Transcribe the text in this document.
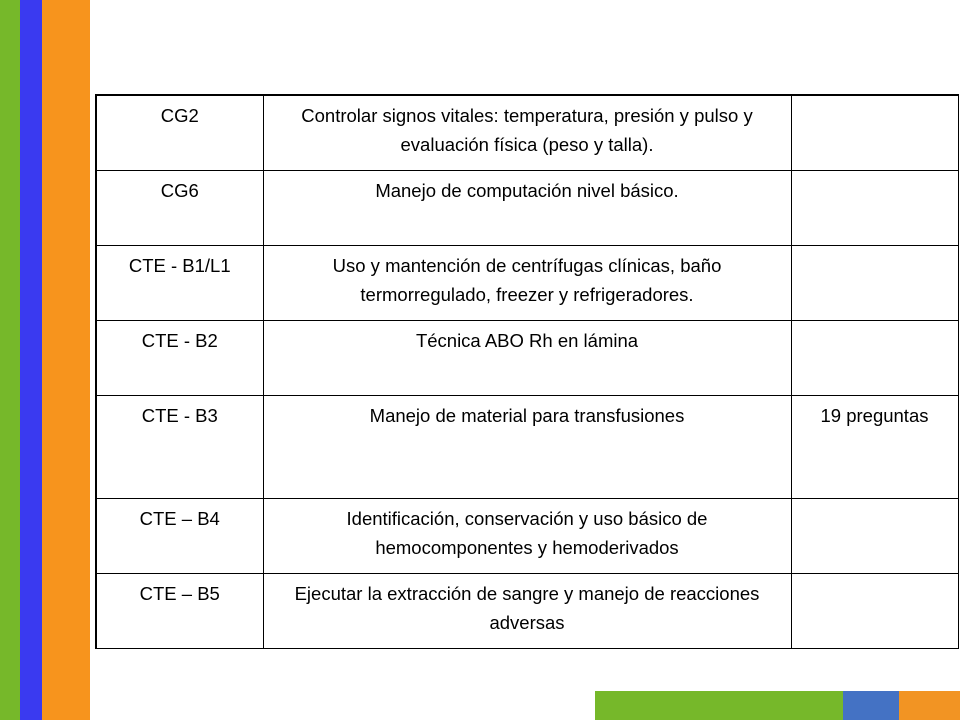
CG2	Controlar signos vitales: temperatura, presión y pulso y evaluación física (peso y talla).	
CG6	Manejo de computación nivel básico.	
CTE - B1/L1	Uso y mantención de centrífugas clínicas, baño termorregulado, freezer y refrigeradores.	
CTE - B2	Técnica ABO Rh en lámina	
CTE - B3	Manejo de material para transfusiones	19 preguntas
CTE – B4	Identificación, conservación y uso básico de hemocomponentes y hemoderivados	
CTE – B5	Ejecutar la extracción de sangre y manejo de reacciones adversas	
